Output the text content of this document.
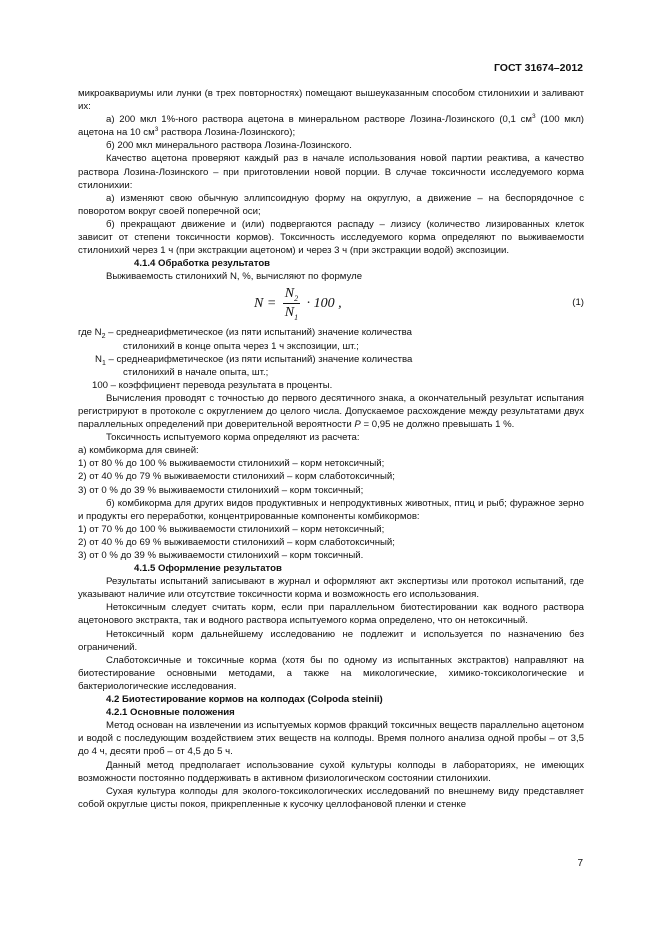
ГОСТ 31674–2012

микроаквариумы или лунки (в трех повторностях) помещают вышеуказанным способом стилонихии и заливают их:

а) 200 мкл 1%-ного раствора ацетона в минеральном растворе Лозина-Лозинского (0,1 $см^3$ (100 мкл) ацетона на 10 $см^3$ раствора Лозина-Лозинского);

б) 200 мкл минерального раствора Лозина-Лозинского.

Качество ацетона проверяют каждый раз в начале использования новой партии реактива, а качество раствора Лозина-Лозинского – при приготовлении новой порции. В случае токсичности исследуемого корма стилонихии:

а) изменяют свою обычную эллипсоидную форму на округлую, а движение – на беспорядочное с поворотом вокруг своей поперечной оси;

б) прекращают движение и (или) подвергаются распаду – лизису (количество лизированных клеток зависит от степени токсичности кормов). Токсичность исследуемого корма определяют по выживаемости стилонихий через 1 ч (при экстракции ацетоном) и через 3 ч (при экстракции водой) экспозиции.

4.1.4 Обработка результатов

Выживаемость стилонихий N, %, вычисляют по формуле

$N = \frac{N_2}{N_1} \cdot 100$ ,	(1)

где $N_2$ – среднеарифметическое (из пяти испытаний) значение количества

стилонихий в конце опыта через 1 ч экспозиции, шт.;

$N_1$ – среднеарифметическое (из пяти испытаний) значение количества

стилонихий в начале опыта, шт.;

100 – коэффициент перевода результата в проценты.

Вычисления проводят с точностью до первого десятичного знака, а окончательный результат испытания регистрируют в протоколе с округлением до целого числа. Допускаемое расхождение между результатами двух параллельных определений при доверительной вероятности P = 0,95 не должно превышать 1 %.

Токсичность испытуемого корма определяют из расчета:

а) комбикорма для свиней:

1) от 80 % до 100 % выживаемости стилонихий – корм нетоксичный;

2) от 40 % до 79 % выживаемости стилонихий – корм слаботоксичный;

3) от 0 % до 39 % выживаемости стилонихий – корм токсичный;

б) комбикорма для других видов продуктивных и непродуктивных животных, птиц и рыб; фуражное зерно и продукты его переработки, концентрированные компоненты комбикормов:

1) от 70 % до 100 % выживаемости стилонихий – корм нетоксичный;

2) от 40 % до 69 % выживаемости стилонихий – корм слаботоксичный;

3) от 0 % до 39 % выживаемости стилонихий – корм токсичный.

4.1.5 Оформление результатов

Результаты испытаний записывают в журнал и оформляют акт экспертизы или протокол испытаний, где указывают наличие или отсутствие токсичности корма и возможность его использования.

Нетоксичным следует считать корм, если при параллельном биотестировании как водного раствора ацетонового экстракта, так и водного раствора испытуемого корма определено, что он нетоксичный.

Нетоксичный корм дальнейшему исследованию не подлежит и используется по назначению без ограничений.

Слаботоксичные и токсичные корма (хотя бы по одному из испытанных экстрактов) направляют на биотестирование основными методами, а также на микологические, химико-токсикологические и бактериологические исследования.

4.2 Биотестирование кормов на колподах (Colpoda steinii)

4.2.1 Основные положения

Метод основан на извлечении из испытуемых кормов фракций токсичных веществ параллельно ацетоном и водой с последующим воздействием этих веществ на колподы. Время полного анализа одной пробы – от 3,5 до 4 ч, десяти проб – от 4,5 до 5 ч.

Данный метод предполагает использование сухой культуры колподы в лабораториях, не имеющих возможности постоянно поддерживать в активном физиологическом состоянии стилонихии.

Сухая культура колподы для эколого-токсикологических исследований по внешнему виду представляет собой округлые цисты покоя, прикрепленные к кусочку целлофановой пленки и стенке

7
